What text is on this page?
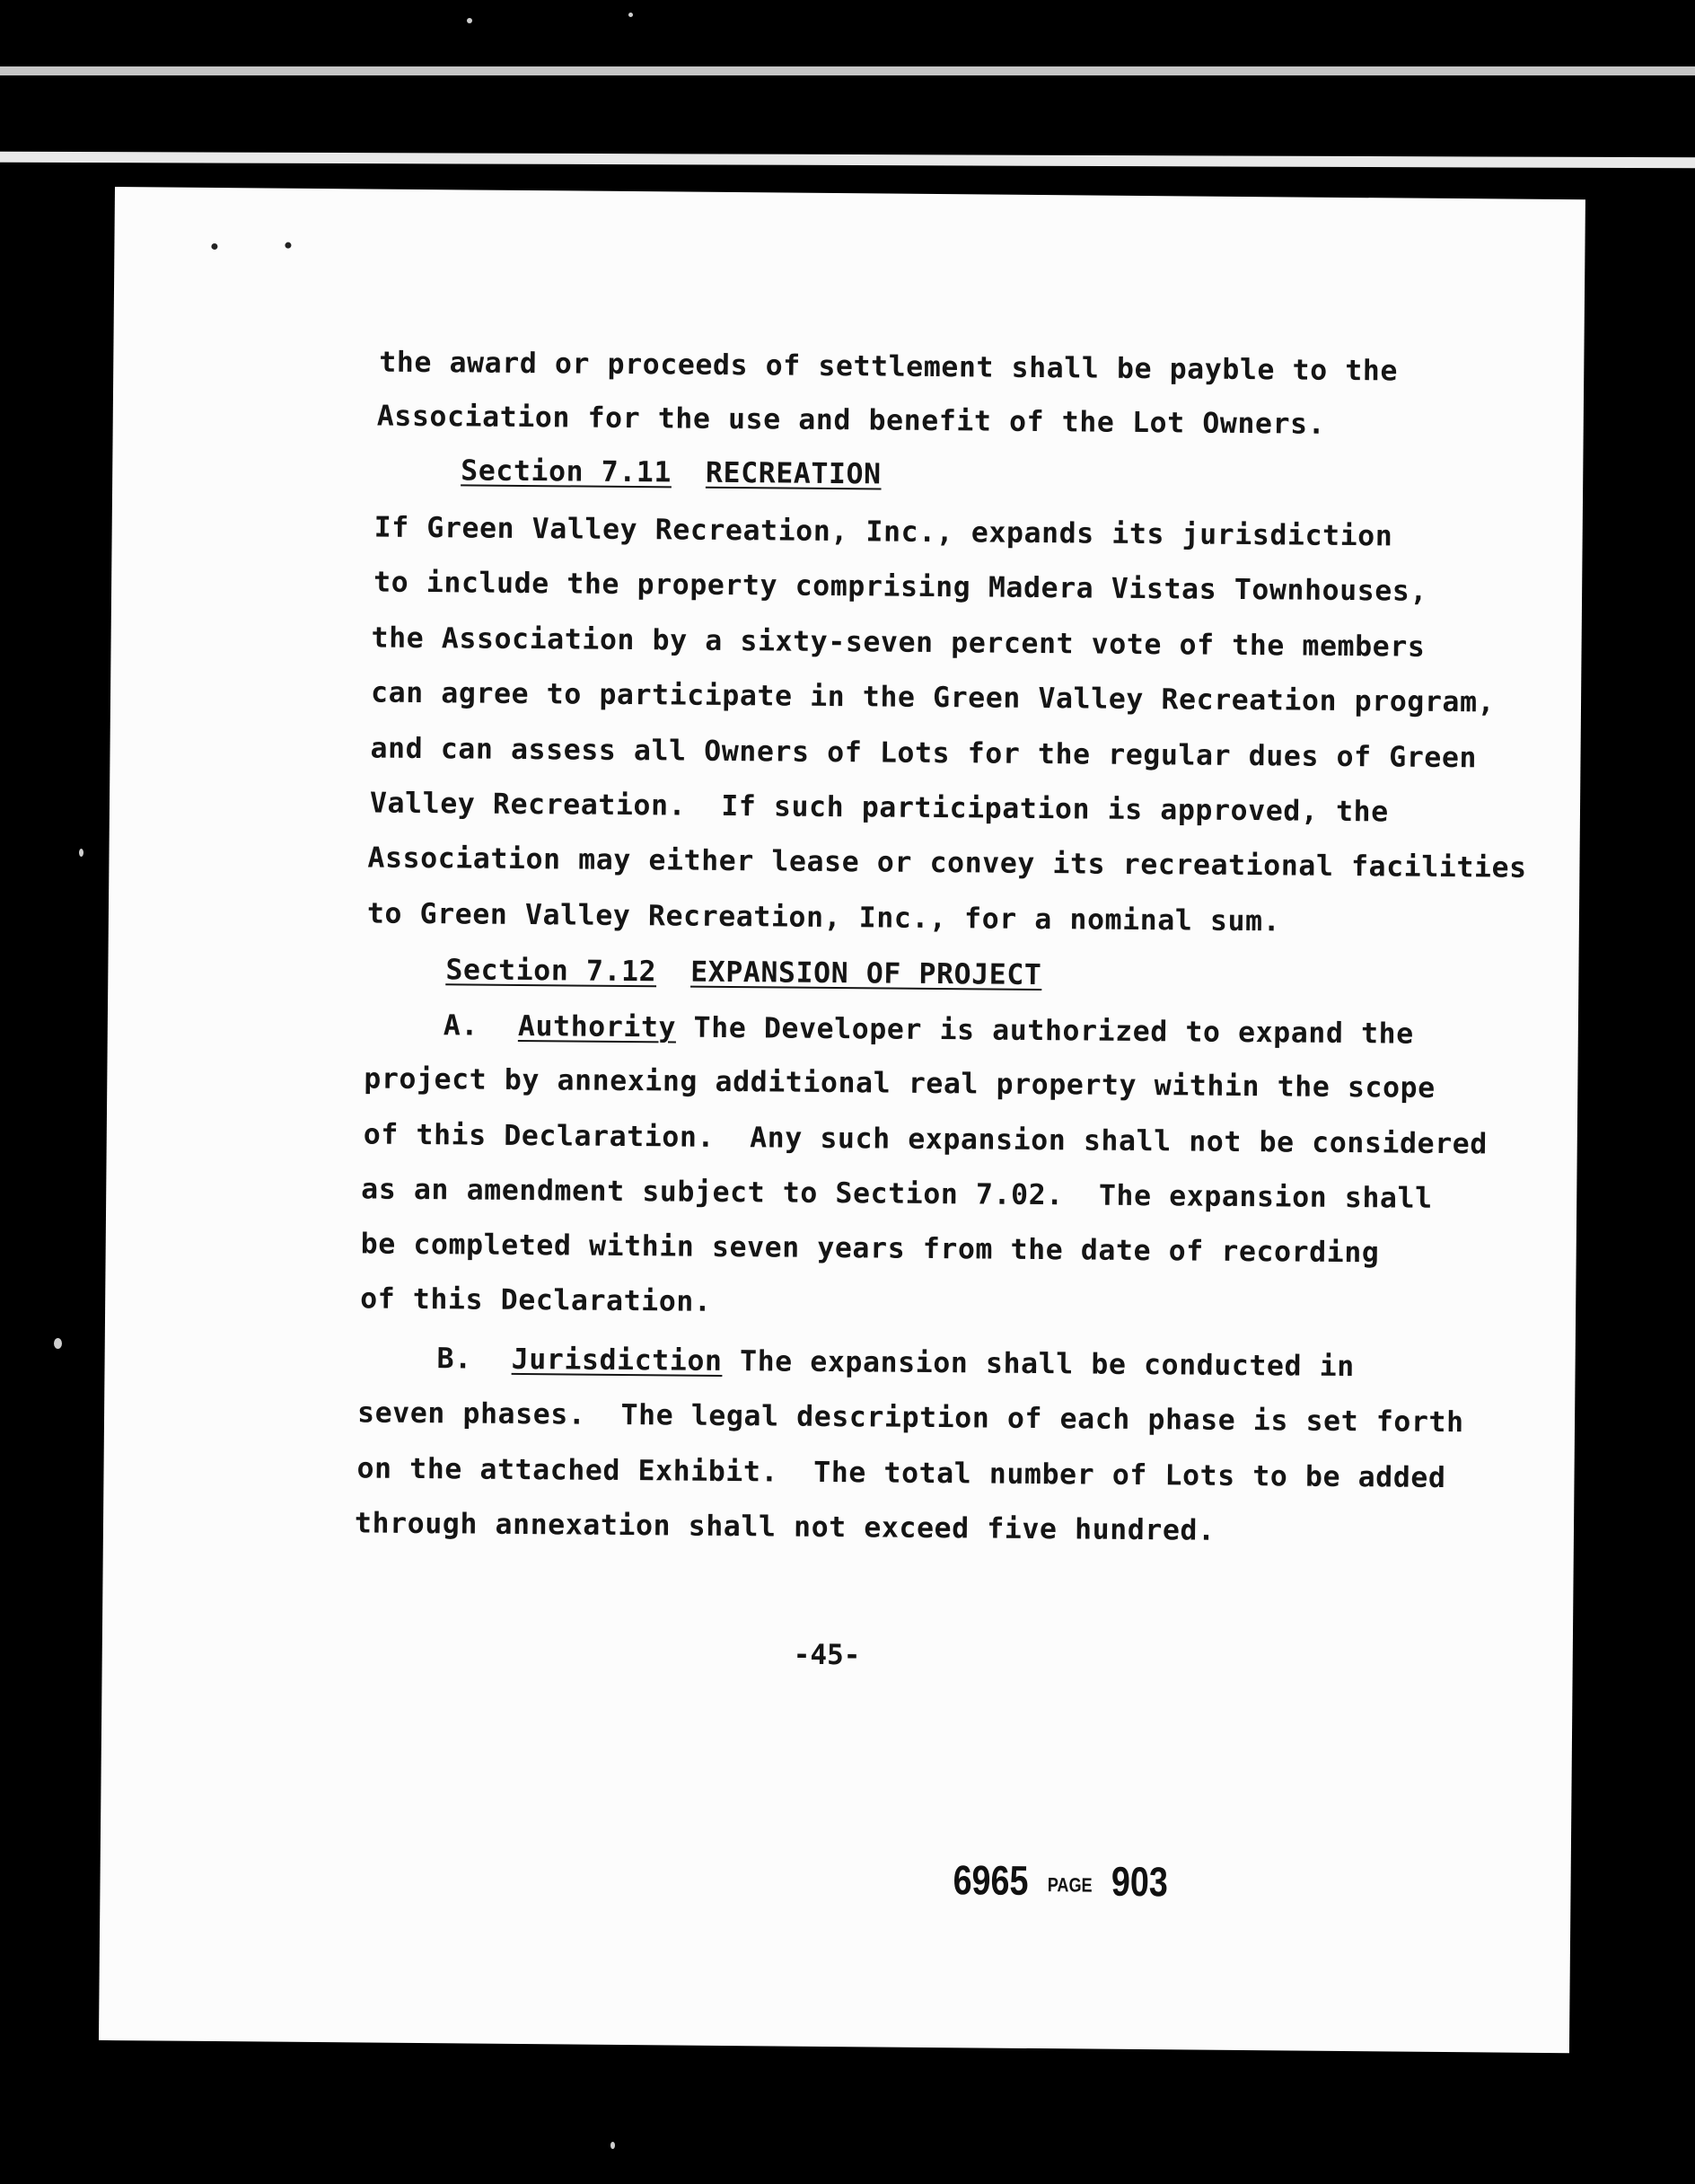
the award or proceeds of settlement shall be payble to the
Association for the use and benefit of the Lot Owners.
Section 7.11 RECREATION
If Green Valley Recreation, Inc., expands its jurisdiction
to include the property comprising Madera Vistas Townhouses,
the Association by a sixty-seven percent vote of the members
can agree to participate in the Green Valley Recreation program,
and can assess all Owners of Lots for the regular dues of Green
Valley Recreation.  If such participation is approved, the
Association may either lease or convey its recreational facilities
to Green Valley Recreation, Inc., for a nominal sum.
Section 7.12 EXPANSION OF PROJECT
A. Authority The Developer is authorized to expand the
project by annexing additional real property within the scope
of this Declaration.  Any such expansion shall not be considered
as an amendment subject to Section 7.02.  The expansion shall
be completed within seven years from the date of recording
of this Declaration.
B. Jurisdiction The expansion shall be conducted in
seven phases.  The legal description of each phase is set forth
on the attached Exhibit.  The total number of Lots to be added
through annexation shall not exceed five hundred.
-45-
6965 PAGE 903
